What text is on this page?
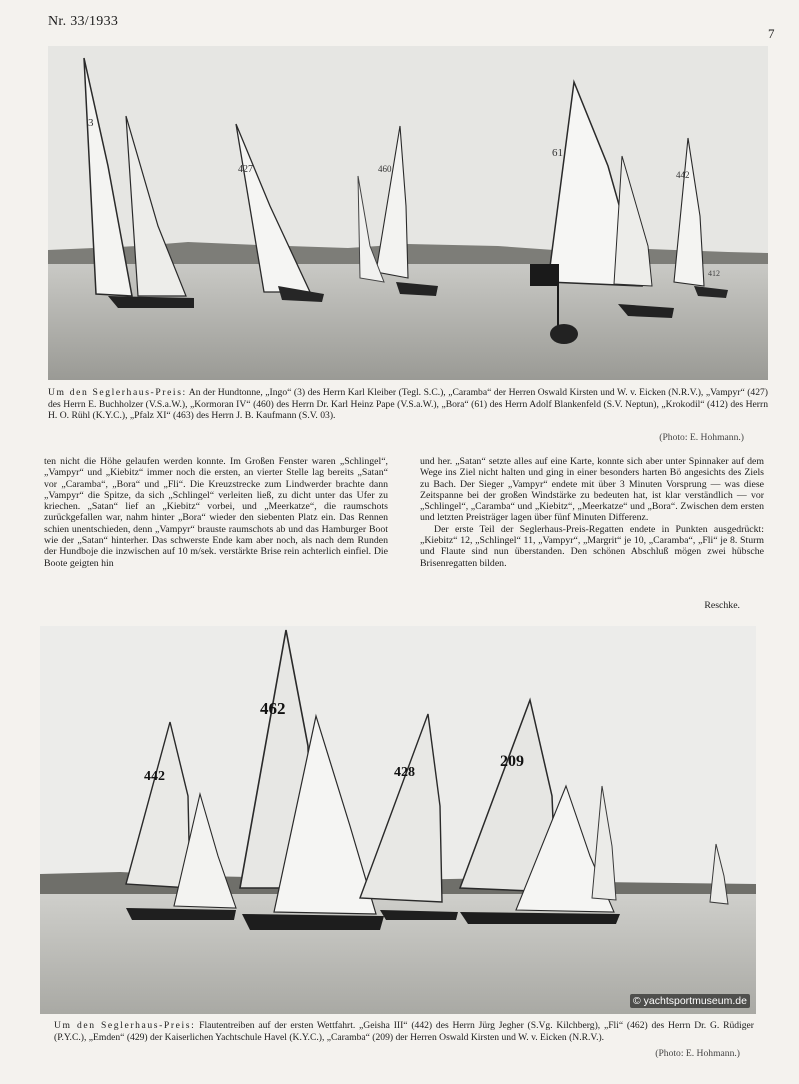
Nr. 33/1933
7
3
427	460
61
442
412
Um den Seglerhaus-Preis: An der Hundtonne, „Ingo“ (3) des Herrn Karl Kleiber (Tegl. S.C.), „Caramba“ der Herren Oswald Kirsten und W. v. Eicken (N.R.V.), „Vampyr“ (427) des Herrn E. Buchholzer (V.S.a.W.), „Kormoran IV“ (460) des Herrn Dr. Karl Heinz Pape (V.S.a.W.), „Bora“ (61) des Herrn Adolf Blankenfeld (S.V. Neptun), „Krokodil“ (412) des Herrn H. O. Rühl (K.Y.C.), „Pfalz XI“ (463) des Herrn J. B. Kaufmann (S.V. 03).
(Photo: E. Hohmann.)
ten nicht die Höhe gelaufen werden konnte. Im Großen Fenster waren „Schlingel“, „Vampyr“ und „Kiebitz“ immer noch die ersten, an vierter Stelle lag bereits „Satan“ vor „Caramba“, „Bora“ und „Fli“. Die Kreuzstrecke zum Lindwerder brachte dann „Vampyr“ die Spitze, da sich „Schlingel“ verleiten ließ, zu dicht unter das Ufer zu kriechen. „Satan“ lief an „Kiebitz“ vorbei, und „Meerkatze“, die raumschots zurückgefallen war, nahm hinter „Bora“ wieder den siebenten Platz ein. Das Rennen schien unentschieden, denn „Vampyr“ brauste raumschots ab und das Hamburger Boot wie der „Satan“ hinterher. Das schwerste Ende kam aber noch, als nach dem Runden der Hundboje die inzwischen auf 10 m/sek. verstärkte Brise rein achterlich einfiel. Die Boote geigten hin
und her. „Satan“ setzte alles auf eine Karte, konnte sich aber unter Spinnaker auf dem Wege ins Ziel nicht halten und ging in einer besonders harten Bö angesichts des Ziels zu Bach. Der Sieger „Vampyr“ endete mit über 3 Minuten Vorsprung — was diese Zeitspanne bei der großen Windstärke zu bedeuten hat, ist klar verständlich — vor „Schlingel“, „Caramba“ und „Kiebitz“, „Meerkatze“ und „Bora“. Zwischen dem ersten und letzten Preisträger lagen über fünf Minuten Differenz.
Der erste Teil der Seglerhaus-Preis-Regatten endete in Punkten ausgedrückt: „Kiebitz“ 12, „Schlingel“ 11, „Vampyr“, „Margrit“ je 10, „Caramba“, „Fli“ je 8. Sturm und Flaute sind nun überstanden. Den schönen Abschluß mögen zwei hübsche Brisenregatten bilden.
Reschke.
442
462
428
209
© yachtsportmuseum.de
Um den Seglerhaus-Preis: Flautentreiben auf der ersten Wettfahrt. „Geisha III“ (442) des Herrn Jürg Jegher (S.Vg. Kilchberg), „Fli“ (462) des Herrn Dr. G. Rüdiger (P.Y.C.), „Emden“ (429) der Kaiserlichen Yachtschule Havel (K.Y.C.), „Caramba“ (209) der Herren Oswald Kirsten und W. v. Eicken (N.R.V.).
(Photo: E. Hohmann.)
